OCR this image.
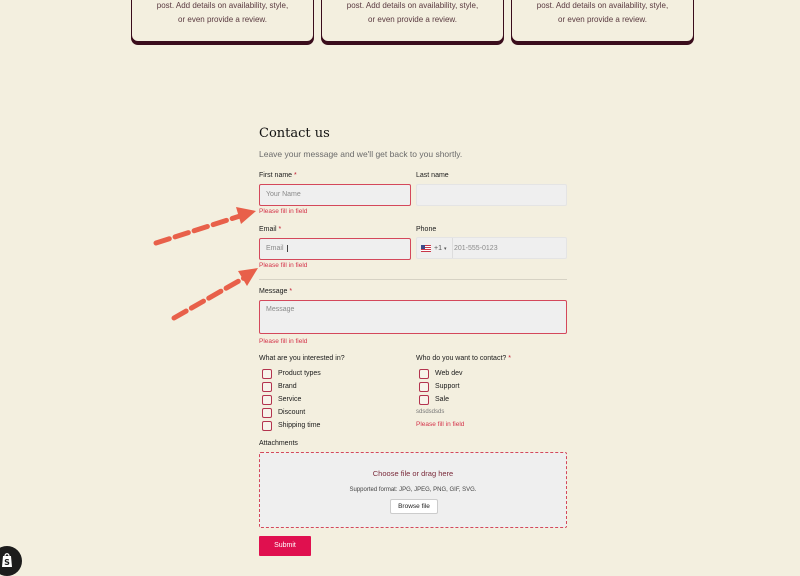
post. Add details on availability, style,
or even provide a review.
post. Add details on availability, style,
or even provide a review.
post. Add details on availability, style,
or even provide a review.
Contact us
Leave your message and we'll get back to you shortly.
First name *
Your Name
Please fill in field
Last name
Email *
Email
Please fill in field
Phone
+1 ▾ 201-555-0123
Message *
Message
Please fill in field
What are you interested in?
Product types
Brand
Service
Discount
Shipping time
Who do you want to contact? *
Web dev
Support
Sale
sdsdsdsds
Please fill in field
Attachments
Choose file or drag here
Supported format: JPG, JPEG, PNG, GIF, SVG.
Browse file
Submit
S
